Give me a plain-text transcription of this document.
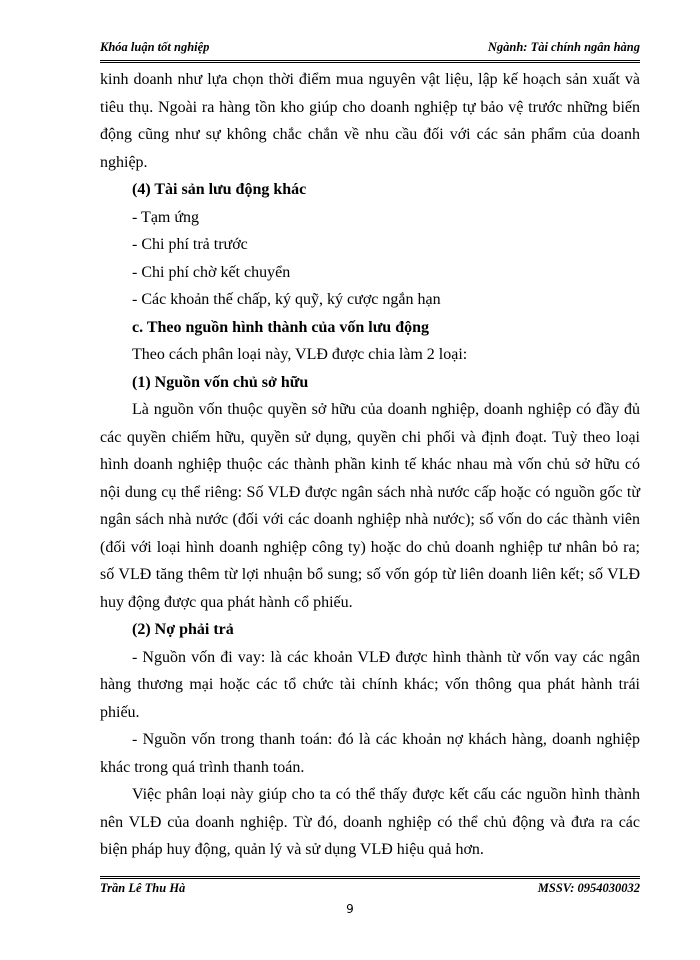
Khóa luận tốt nghiệp	Ngành: Tài chính ngân hàng

kinh doanh như lựa chọn thời điểm mua nguyên vật liệu, lập kế hoạch sản xuất và tiêu thụ. Ngoài ra hàng tồn kho giúp cho doanh nghiệp tự bảo vệ trước những biến động cũng như sự không chắc chắn về nhu cầu đối với các sản phẩm của doanh nghiệp.

(4) Tài sản lưu động khác

- Tạm ứng

- Chi phí trả trước

- Chi phí chờ kết chuyển

- Các khoản thế chấp, ký quỹ, ký cược ngắn hạn

c. Theo nguồn hình thành của vốn lưu động

Theo cách phân loại này, VLĐ được chia làm 2 loại:

(1) Nguồn vốn chủ sở hữu

Là nguồn vốn thuộc quyền sở hữu của doanh nghiệp, doanh nghiệp có đầy đủ các quyền chiếm hữu, quyền sử dụng, quyền chi phối và định đoạt. Tuỳ theo loại hình doanh nghiệp thuộc các thành phần kinh tế khác nhau mà vốn chủ sở hữu có nội dung cụ thể riêng: Số VLĐ được ngân sách nhà nước cấp hoặc có nguồn gốc từ ngân sách nhà nước (đối với các doanh nghiệp nhà nước); số vốn do các thành viên (đối với loại hình doanh nghiệp công ty) hoặc do chủ doanh nghiệp tư nhân bỏ ra; số VLĐ tăng thêm từ lợi nhuận bổ sung; số vốn góp từ liên doanh liên kết; số VLĐ huy động được qua phát hành cổ phiếu.

(2) Nợ phải trả

- Nguồn vốn đi vay: là các khoản VLĐ được hình thành từ vốn vay các ngân hàng thương mại hoặc các tổ chức tài chính khác; vốn thông qua phát hành trái phiếu.

- Nguồn vốn trong thanh toán: đó là các khoản nợ khách hàng, doanh nghiệp khác trong quá trình thanh toán.

Việc phân loại này giúp cho ta có thể thấy được kết cấu các nguồn hình thành nên VLĐ của doanh nghiệp. Từ đó, doanh nghiệp có thể chủ động và đưa ra các biện pháp huy động, quản lý và sử dụng VLĐ hiệu quả hơn.

Trần Lê Thu Hà	MSSV: 0954030032
9
